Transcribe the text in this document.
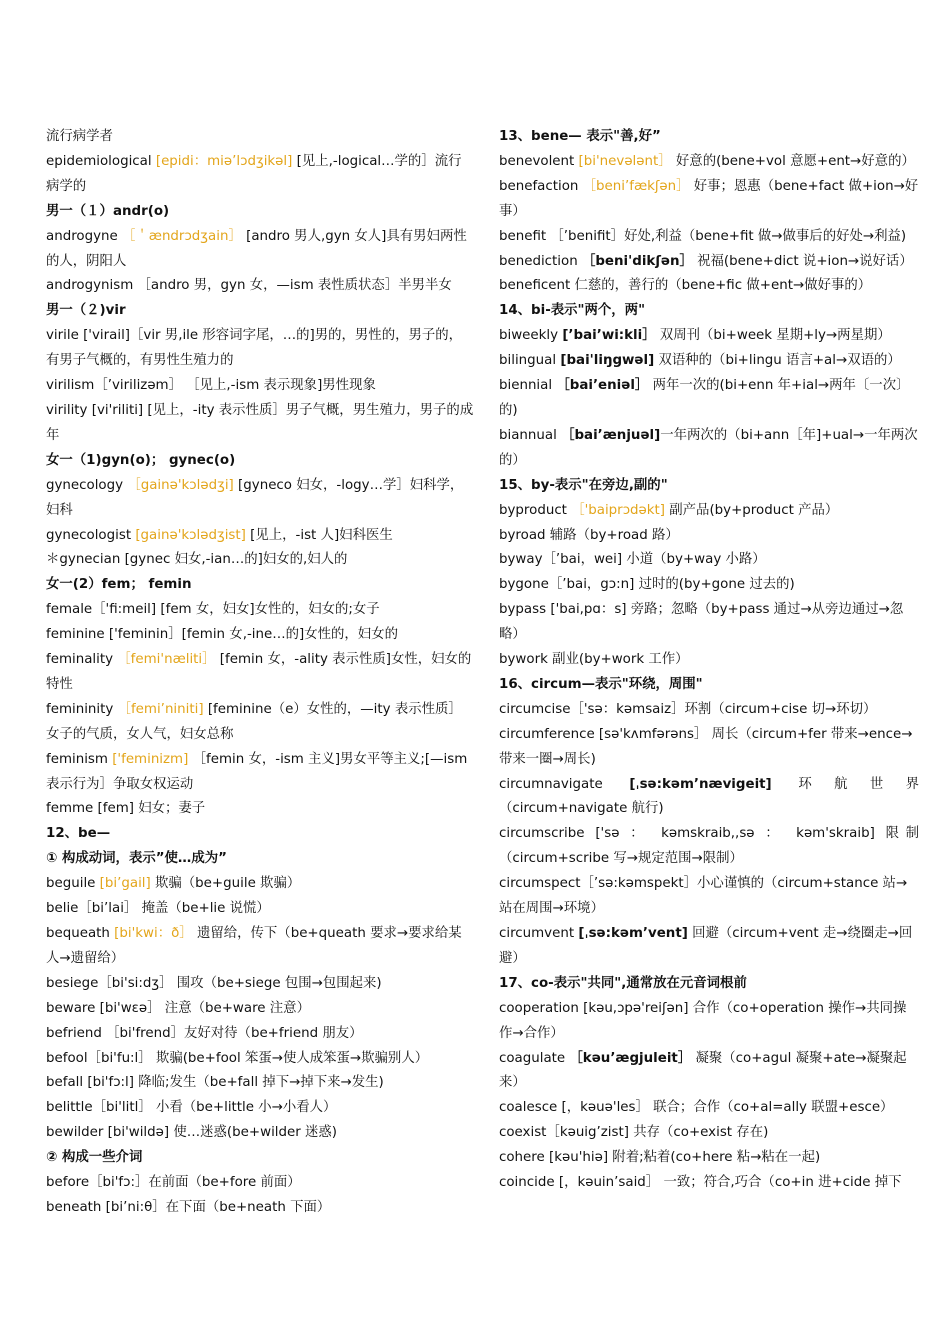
流行病学者
epidemiological [epidi：miə’lɔdʒikəl] [见上,-logical…学的］流行病学的
男一（１）andr(o)
androgyne ［＇ændrɔdʒain］ [andro 男人,gyn 女人]具有男妇两性的人，阴阳人
androgynism ［andro 男，gyn 女，—ism 表性质状态］半男半女
男一（２)vir
virile ['virail]［vir 男,ile 形容词字尾，…的]男的，男性的，男子的，有男子气概的，有男性生殖力的
virilism［’virilizəm］ ［见上,-ism 表示现象]男性现象
virility [vi'riliti] [见上，-ity 表示性质］男子气概，男生殖力，男子的成年
女一（1)gyn(o)； gynec(o)
gynecology ［gainə'kɔlədʒi] [gyneco 妇女，-logy…学］妇科学，妇科
gynecologist [gainə'kɔlədʒist] [见上，-ist 人]妇科医生
＊gynecian [gynec 妇女,-ian…的]妇女的,妇人的
女一(2）fem； femin
female［'fi:meil] [fem 女，妇女]女性的，妇女的;女子
feminine ['feminin］[femin 女,-ine…的]女性的，妇女的
feminality ［femi'næliti］ [femin 女，-ality 表示性质]女性，妇女的特性
femininity ［femi’niniti] [feminine（e）女性的，—ity 表示性质］女子的气质，女人气，妇女总称
feminism ['feminizm] ［femin 女，-ism 主义]男女平等主义;[—ism 表示行为］争取女权运动
femme [fem] 妇女；妻子
12、be—
① 构成动词，表示”使…成为”
beguile [bi’gail] 欺骗（be+guile 欺骗）
belie［bi’lai］ 掩盖（be+lie 说慌）
bequeath [bi'kwi：ð］ 遗留给，传下（be+queath 要求→要求给某人→遗留给）
besiege［bi'si:dʒ］ 围攻（be+siege 包围→包围起来)
beware [bi'wɛə］ 注意（be+ware 注意）
befriend ［bi'frend］友好对待（be+friend 朋友）
befool［bi'fu:l］ 欺骗(be+fool 笨蛋→使人成笨蛋→欺骗别人）
befall [bi'fɔ:l] 降临;发生（be+fall 掉下→掉下来→发生)
belittle［bi'litl］ 小看（be+little 小→小看人）
bewilder [bi'wildə] 使…迷惑(be+wilder 迷惑)
② 构成一些介词
before［bi'fɔ:］在前面（be+fore 前面）
beneath [bi’ni:θ］在下面（be+neath 下面）
13、bene— 表示"善,好”
benevolent [bi'nevələnt］ 好意的(bene+vol 意愿+ent→好意的）
benefaction ［beni’fækʃən］ 好事；恩惠（bene+fact 做+ion→好事）
benefit ［’benifit］好处,利益（bene+fit 做→做事后的好处→利益)
benediction ［beni'dikʃən］ 祝福(bene+dict 说+ion→说好话）
beneficent 仁慈的，善行的（bene+fic 做+ent→做好事的）
14、bi-表示"两个，两"
biweekly [’bai’wi:kli］ 双周刊（bi+week 星期+ly→两星期）
bilingual [bai'liŋgwəl] 双语种的（bi+lingu 语言+al→双语的）
biennial ［bai’eniəl］ 两年一次的(bi+enn 年+ial→两年〔一次〕的)
biannual ［bai’ænjuəl]一年两次的（bi+ann［年]+ual→一年两次的）
15、by-表示"在旁边,副的"
byproduct ［'baiprɔdəkt] 副产品(by+product 产品）
byroad 辅路（by+road 路）
byway［’bai，wei] 小道（by+way 小路）
bygone［’bai，gɔ:n] 过时的(by+gone 过去的)
bypass ['bai,pɑ：s] 旁路；忽略（by+pass 通过→从旁边通过→忽略）
bywork 副业(by+work 工作）
16、circum—表示"环绕，周围"
circumcise［'sə：kəmsaiz］环割（circum+cise 切→环切）
circumference [sə'kʌmfərəns］ 周长（circum+fer 带来→ence→带来一圈→周长)
circumnavigate [ˌsə:kəm’nævigeit] 环航世界（circum+navigate 航行)
circumscribe ['sə ： kəmskraib,,sə ： kəm'skraib] 限制（circum+scribe 写→规定范围→限制）
circumspect［’sə:kəmspekt］小心谨慎的（circum+stance 站→站在周围→环境）
circumvent [ˌsə:kəm’vent] 回避（circum+vent 走→绕圈走→回避）
17、co-表示"共同",通常放在元音词根前
cooperation [kəu,ɔpə'reiʃən] 合作（co+operation 操作→共同操作→合作）
coagulate ［kəu’ægjuleit］ 凝聚（co+agul 凝聚+ate→凝聚起来）
coalesce [，kəuə'les］ 联合；合作（co+al=ally 联盟+esce）
coexist［kəuig’zist] 共存（co+exist 存在)
cohere [kəu'hiə] 附着;粘着(co+here 粘→粘在一起)
coincide [，kəuin’said］ 一致；符合,巧合（co+in 进+cide 掉下
